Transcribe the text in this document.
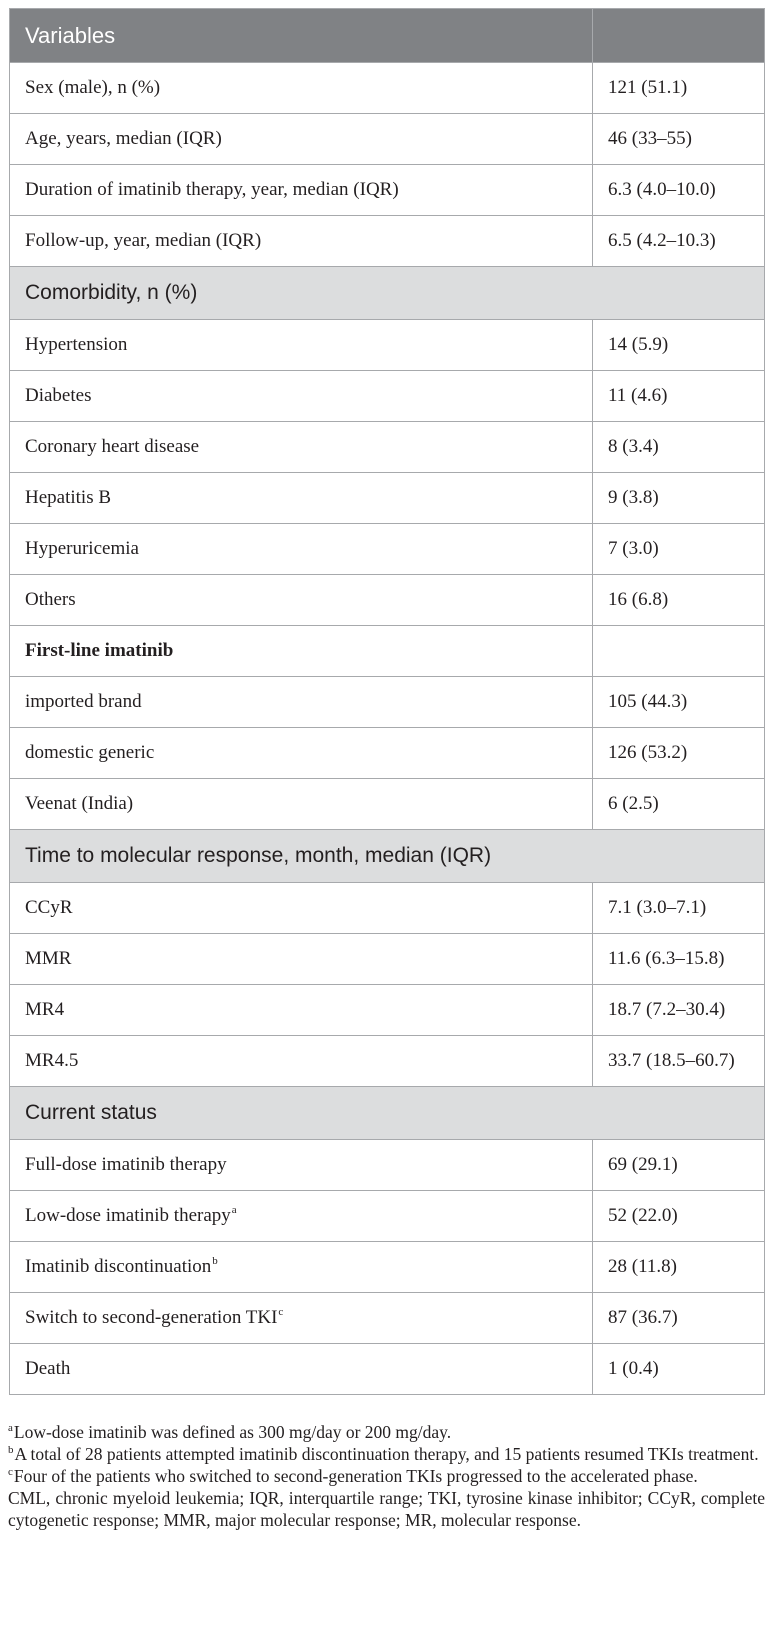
Variables	
Sex (male), n (%)	121 (51.1)
Age, years, median (IQR)	46 (33–55)
Duration of imatinib therapy, year, median (IQR)	6.3 (4.0–10.0)
Follow-up, year, median (IQR)	6.5 (4.2–10.3)
Comorbidity, n (%)	
Hypertension	14 (5.9)
Diabetes	11 (4.6)
Coronary heart disease	8 (3.4)
Hepatitis B	9 (3.8)
Hyperuricemia	7 (3.0)
Others	16 (6.8)
First-line imatinib	
imported brand	105 (44.3)
domestic generic	126 (53.2)
Veenat (India)	6 (2.5)
Time to molecular response, month, median (IQR)	
CCyR	7.1 (3.0–7.1)
MMR	11.6 (6.3–15.8)
MR4	18.7 (7.2–30.4)
MR4.5	33.7 (18.5–60.7)
Current status	
Full-dose imatinib therapy	69 (29.1)
Low-dose imatinib therapy$^a$	52 (22.0)
Imatinib discontinuation$^b$	28 (11.8)
Switch to second-generation TKI$^c$	87 (36.7)
Death	1 (0.4)

$^a$Low-dose imatinib was defined as 300 mg/day or 200 mg/day.

$^b$A total of 28 patients attempted imatinib discontinuation therapy, and 15 patients resumed TKIs treatment.

$^c$Four of the patients who switched to second-generation TKIs progressed to the accelerated phase.

CML, chronic myeloid leukemia; IQR, interquartile range; TKI, tyrosine kinase inhibitor; CCyR, complete cytogenetic response; MMR, major molecular response; MR, molecular response.
